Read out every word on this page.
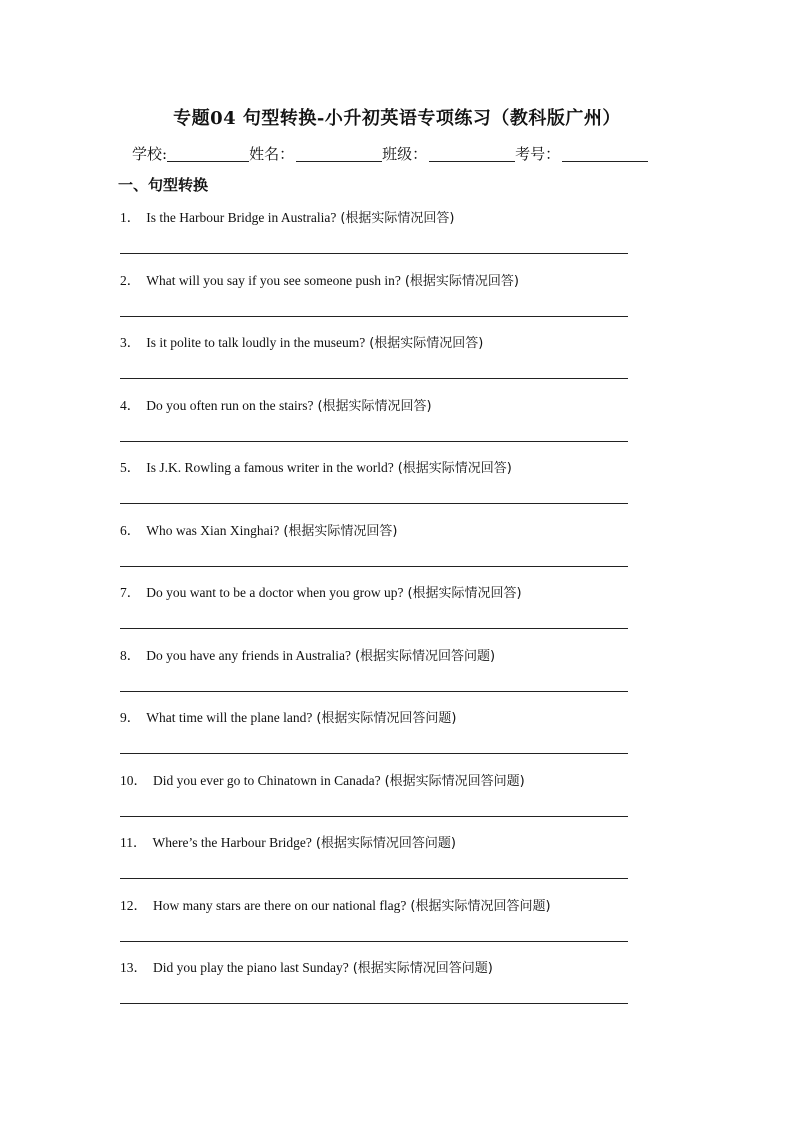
专题04 句型转换-小升初英语专项练习（教科版广州）
学校:	姓名：	班级：	考号：
一、句型转换
1． Is the Harbour Bridge in Australia? (根据实际情况回答)
2． What will you say if you see someone push in? (根据实际情况回答)
3． Is it polite to talk loudly in the museum? (根据实际情况回答)
4． Do you often run on the stairs? (根据实际情况回答)
5． Is J.K. Rowling a famous writer in the world? (根据实际情况回答)
6． Who was Xian Xinghai? (根据实际情况回答)
7． Do you want to be a doctor when you grow up? (根据实际情况回答)
8． Do you have any friends in Australia? (根据实际情况回答问题)
9． What time will the plane land? (根据实际情况回答问题)
10． Did you ever go to Chinatown in Canada? (根据实际情况回答问题)
11． Where’s the Harbour Bridge? (根据实际情况回答问题)
12． How many stars are there on our national flag? (根据实际情况回答问题)
13． Did you play the piano last Sunday? (根据实际情况回答问题)
